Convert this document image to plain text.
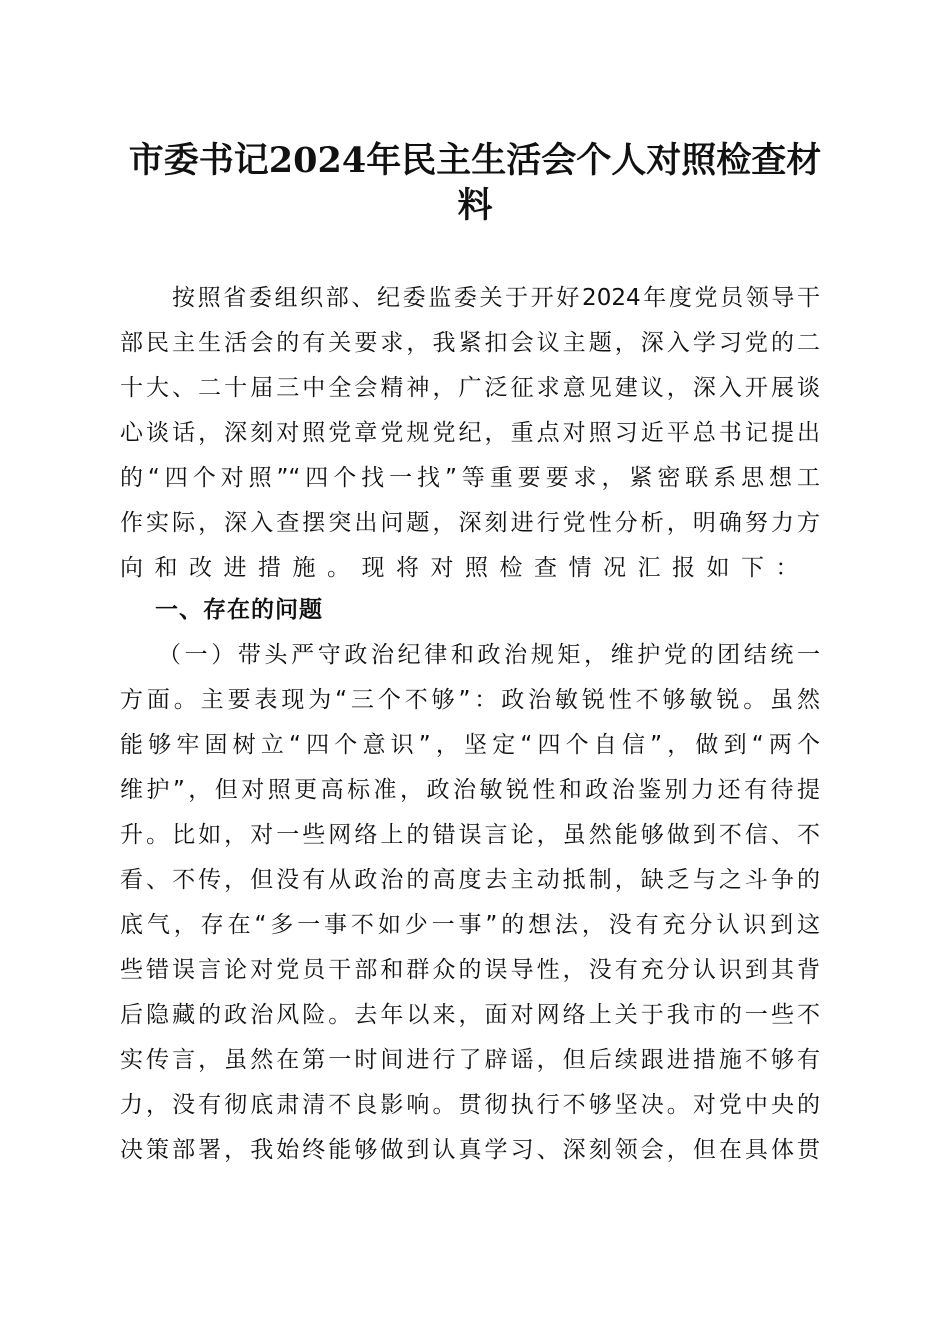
市委书记2024年民主生活会个人对照检查材
料
按照省委组织部、纪委监委关于开好2024年度党员领导干
部民主生活会的有关要求，我紧扣会议主题，深入学习党的二
十大、二十届三中全会精神，广泛征求意见建议，深入开展谈
心谈话，深刻对照党章党规党纪，重点对照习近平总书记提出
的“四个对照”“四个找一找”等重要要求，紧密联系思想工
作实际，深入查摆突出问题，深刻进行党性分析，明确努力方
向和改进措施。现将对照检查情况汇报如下：
一、存在的问题
（一）带头严守政治纪律和政治规矩，维护党的团结统一
方面。主要表现为“三个不够”：政治敏锐性不够敏锐。虽然
能够牢固树立“四个意识”，坚定“四个自信”，做到“两个
维护”，但对照更高标准，政治敏锐性和政治鉴别力还有待提
升。比如，对一些网络上的错误言论，虽然能够做到不信、不
看、不传，但没有从政治的高度去主动抵制，缺乏与之斗争的
底气，存在“多一事不如少一事”的想法，没有充分认识到这
些错误言论对党员干部和群众的误导性，没有充分认识到其背
后隐藏的政治风险。去年以来，面对网络上关于我市的一些不
实传言，虽然在第一时间进行了辟谣，但后续跟进措施不够有
力，没有彻底肃清不良影响。贯彻执行不够坚决。对党中央的
决策部署，我始终能够做到认真学习、深刻领会，但在具体贯
